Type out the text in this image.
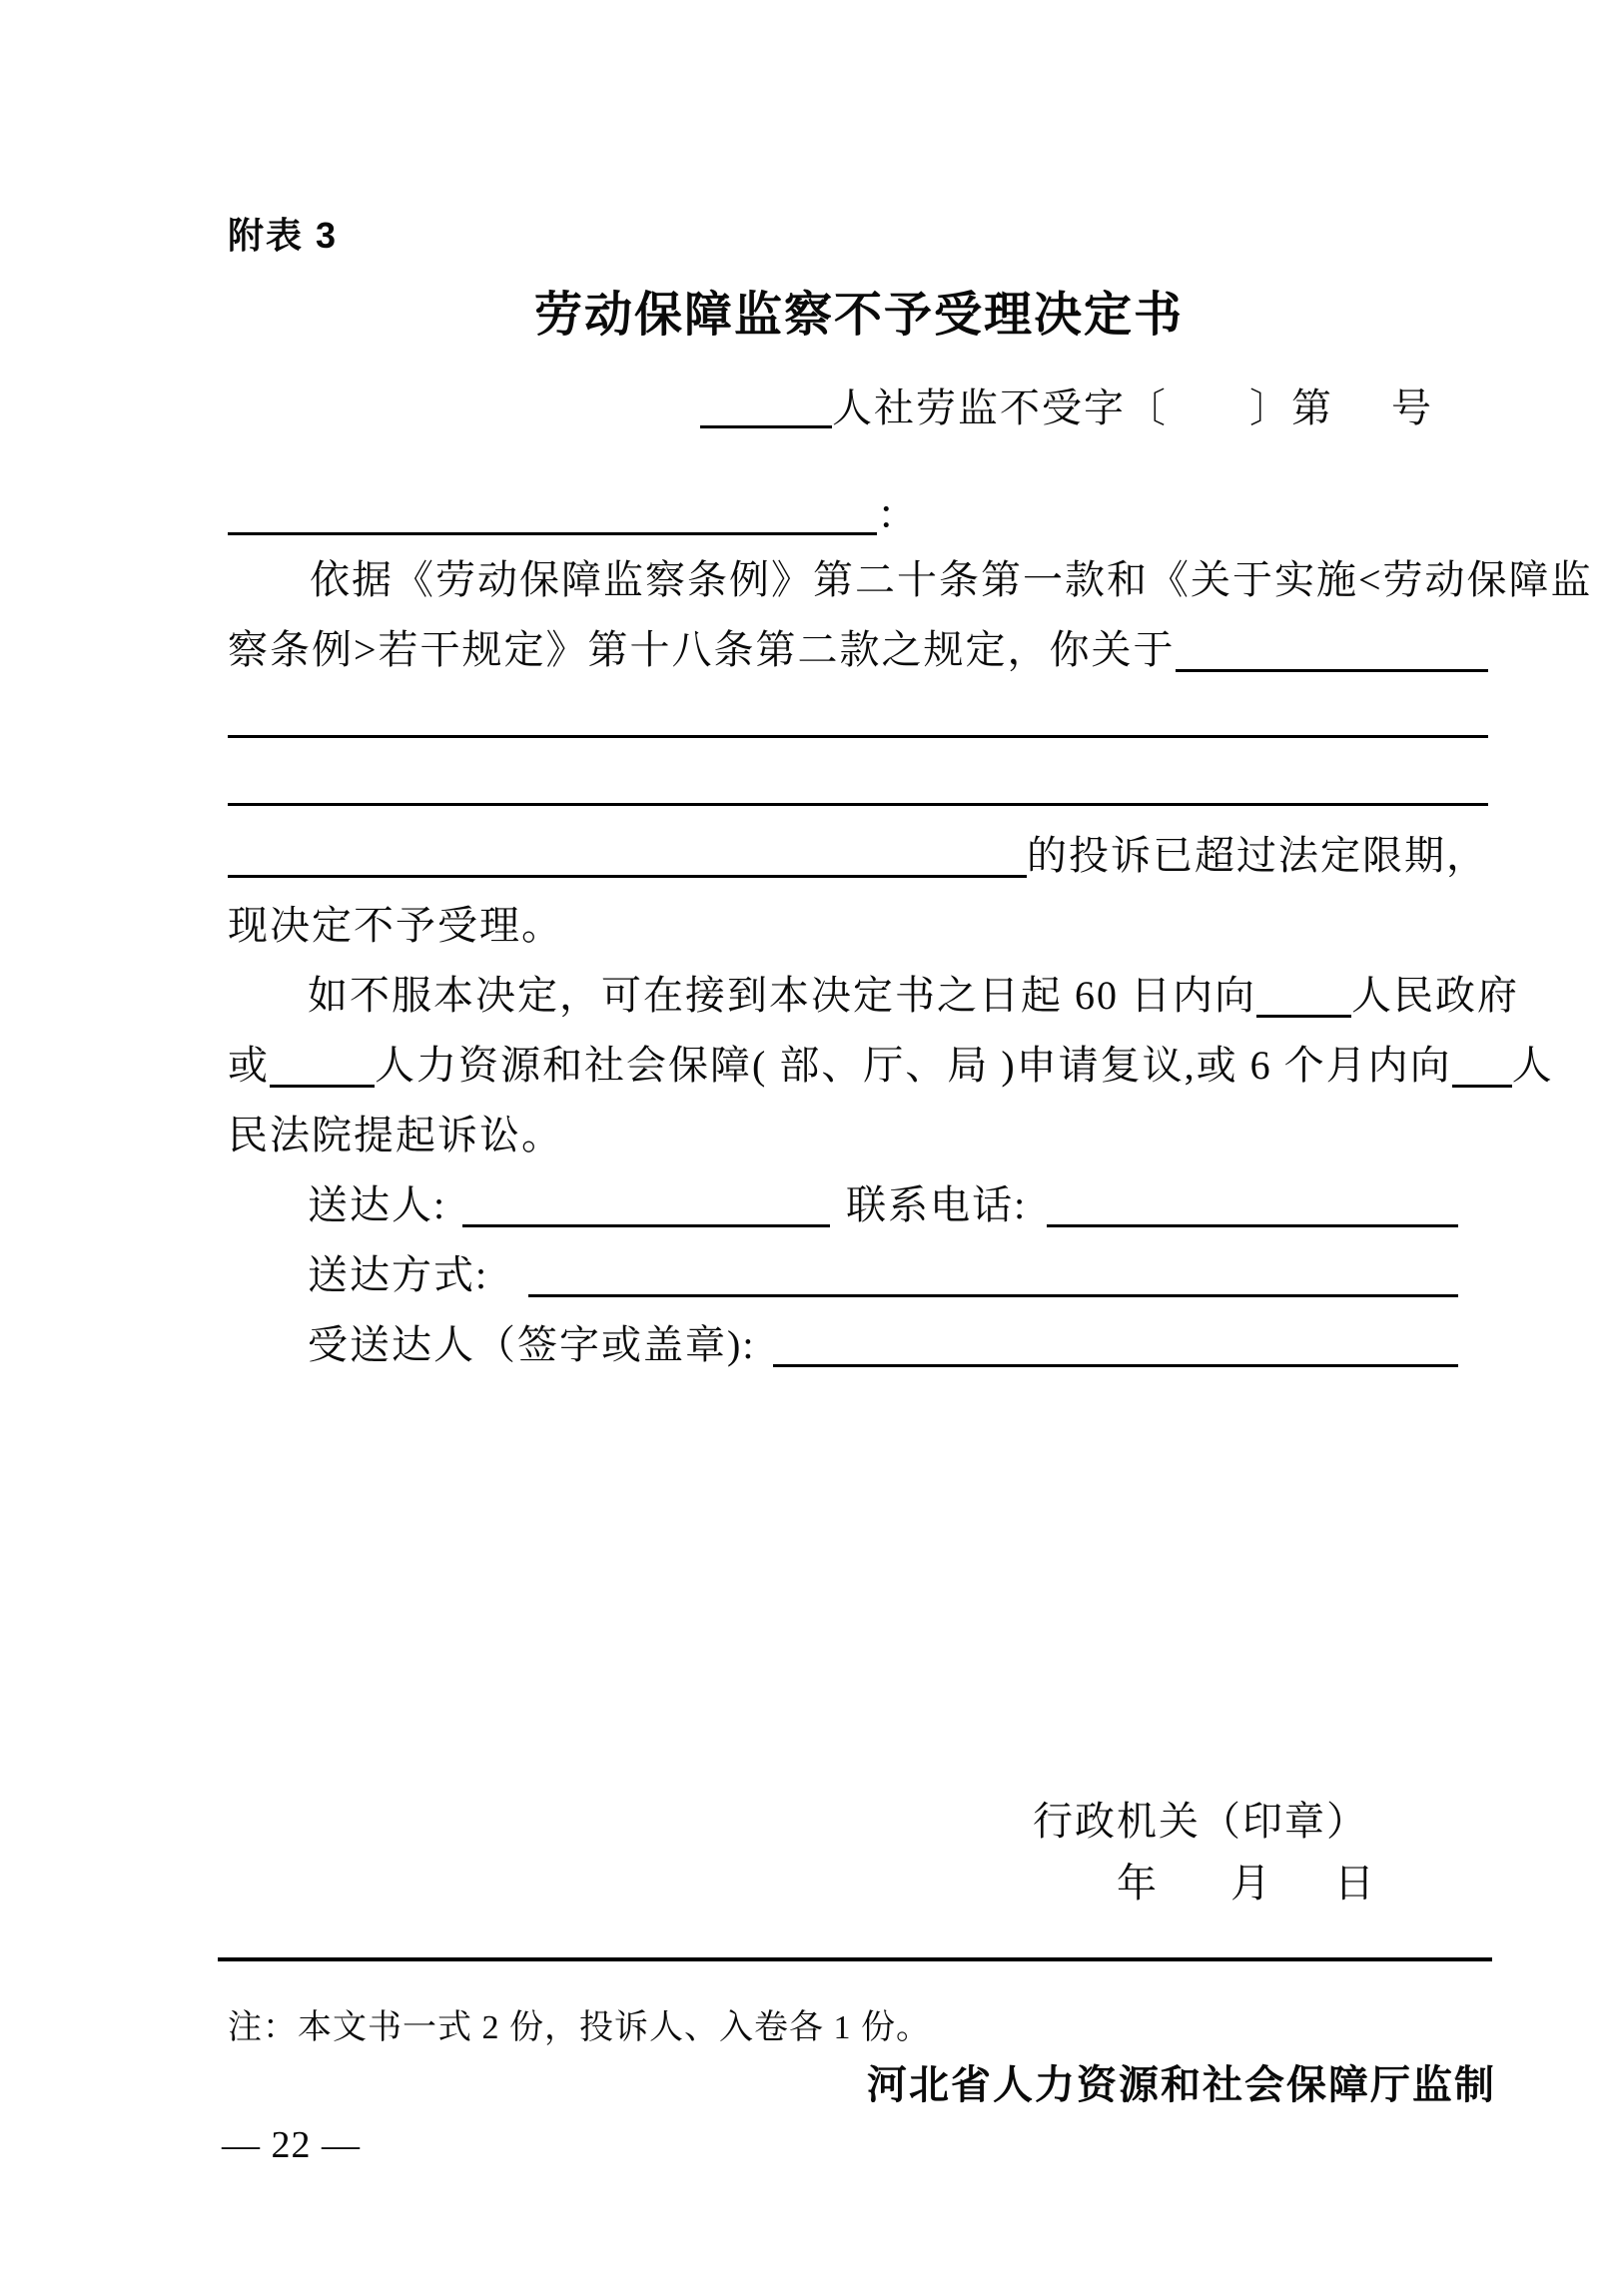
附表 3
劳动保障监察不予受理决定书
人社劳监不受字〔 〕第 号
：
依据《劳动保障监察条例》第二十条第一款和《关于实施<劳动保障监
察条例>若干规定》第十八条第二款之规定，你关于
的投诉已超过法定限期，
现决定不予受理。
如不服本决定，可在接到本决定书之日起 60 日内向 人民政府
或	人力资源和社会保障( 部、厅、局 )申请复议,或 6 个月内向 人
民法院提起诉讼。
送达人:	联系电话:
送达方式:
受送达人（签字或盖章):
行政机关（印章）
年 月 日
注：本文书一式 2 份，投诉人、入卷各 1 份。
河北省人力资源和社会保障厅监制
— 22 —
